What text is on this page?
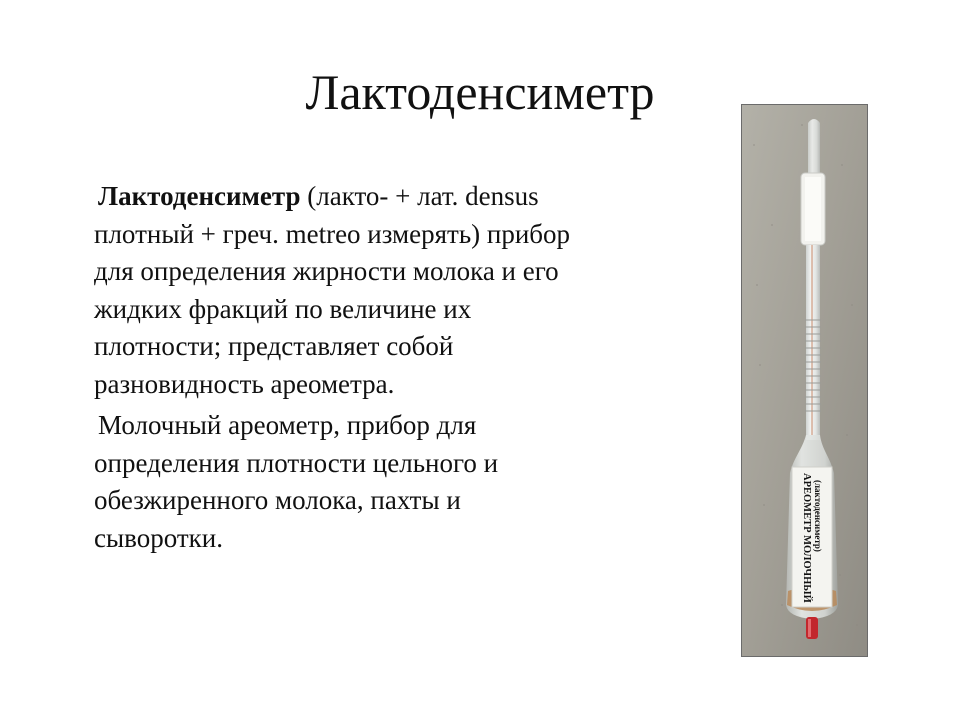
Лактоденсиметр

Лактоденсиметр (лакто- + лат. densus плотный + греч. metreo измерять) прибор для определения жирности молока и его жидких фракций по величине их плотности; представляет собой разновидность ареометра.

Молочный ареометр, прибор для определения плотности цельного и обезжиренного молока, пахты и сыворотки.	АРЕОМЕТР МОЛОЧНЫЙ (лактоденсиметр)
